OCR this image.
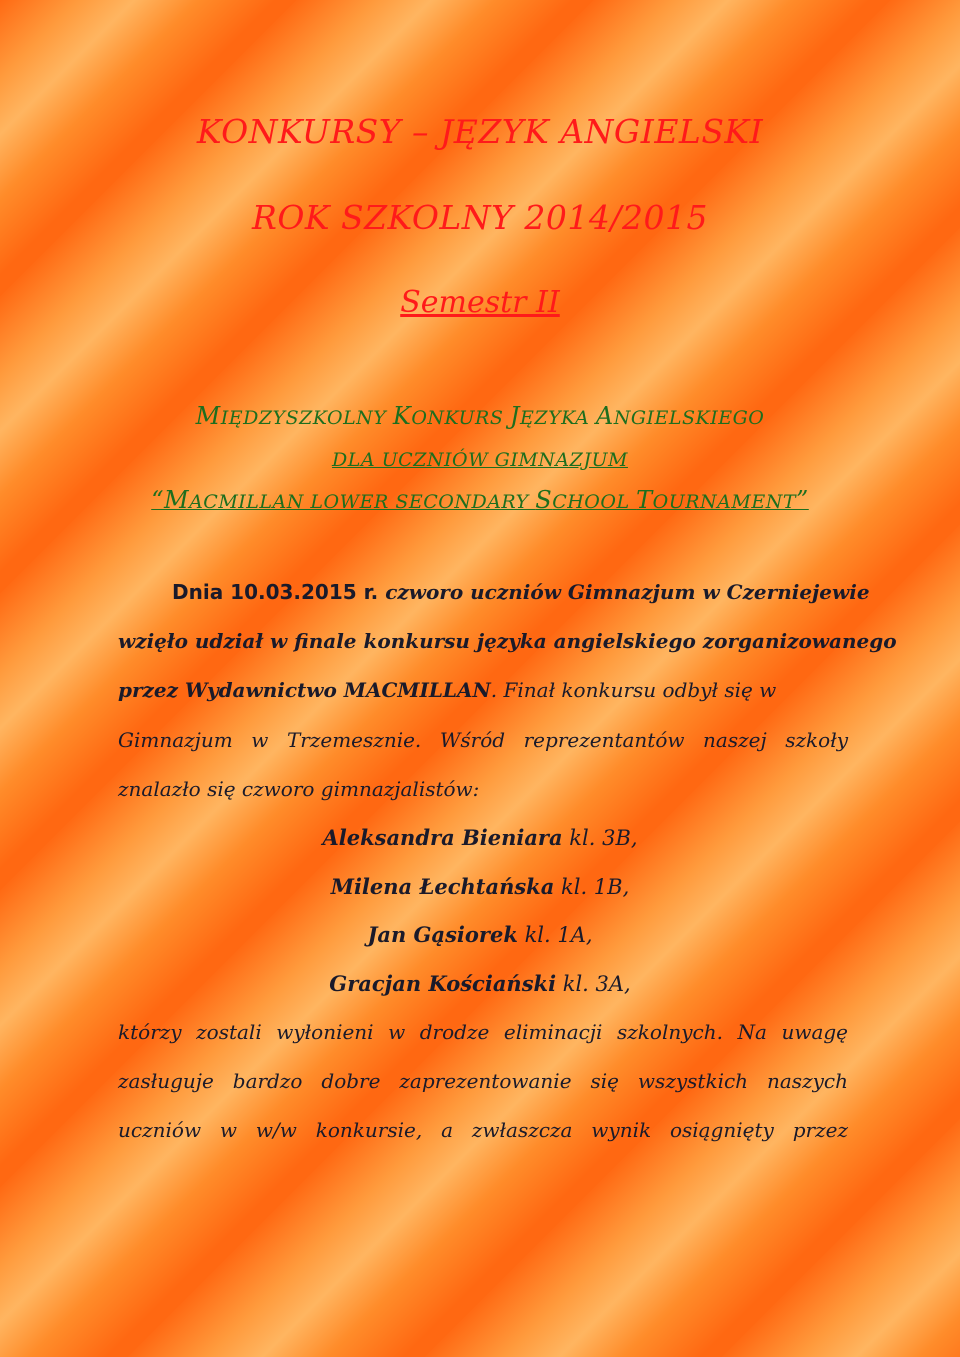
KONKURSY – JĘZYK ANGIELSKI
ROK SZKOLNY 2014/2015
Semestr II
MIĘDZYSZKOLNY KONKURS JĘZYKA ANGIELSKIEGO
DLA UCZNIÓW GIMNAZJUM
“MACMILLAN LOWER SECONDARY SCHOOL TOURNAMENT”
Dnia 10.03.2015 r. czworo uczniów Gimnazjum w Czerniejewie
wzięło udział w finale konkursu języka angielskiego zorganizowanego
przez Wydawnictwo MACMILLAN. Finał konkursu odbył się w
Gimnazjum w Trzemesznie. Wśród reprezentantów naszej szkoły
znalazło się czworo gimnazjalistów:
Aleksandra Bieniara kl. 3B,
Milena Łechtańska kl. 1B,
Jan Gąsiorek kl. 1A,
Gracjan Kościański kl. 3A,
którzy zostali wyłonieni w drodze eliminacji szkolnych. Na uwagę
zasługuje bardzo dobre zaprezentowanie się wszystkich naszych
uczniów w w/w konkursie, a zwłaszcza wynik osiągnięty przez
